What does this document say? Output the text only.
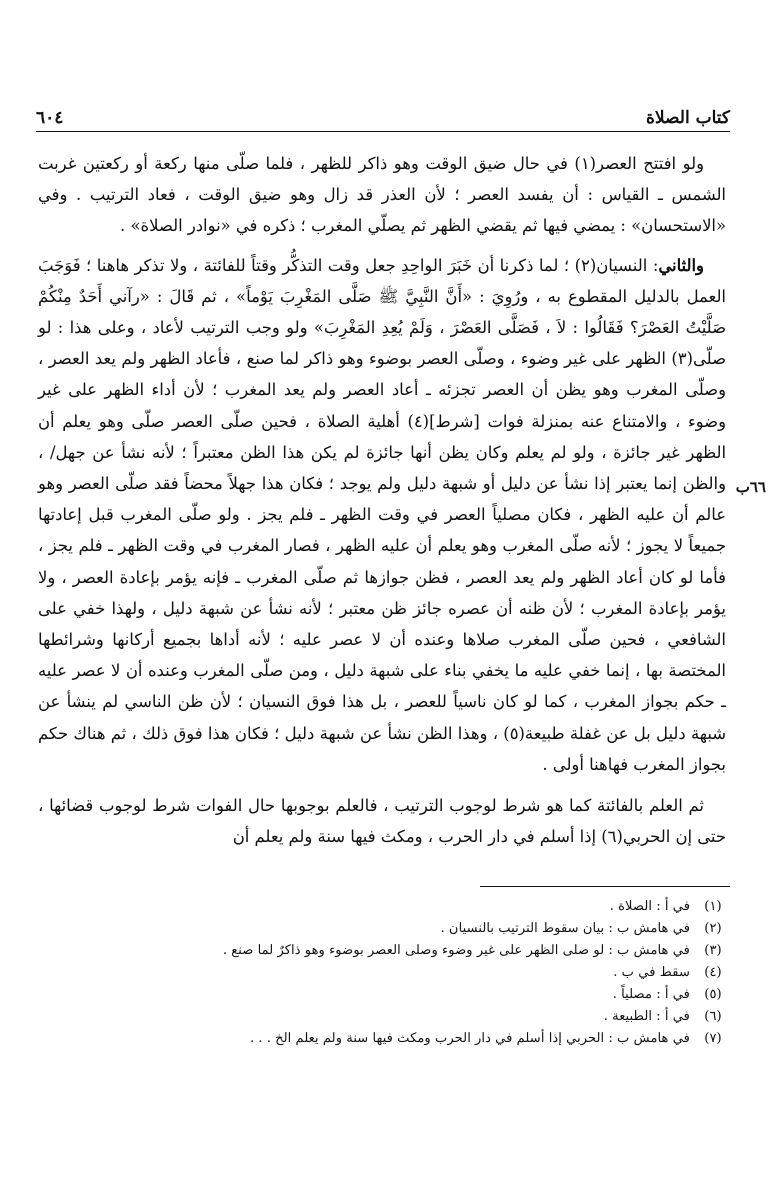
٦٠٤	كتاب الصلاة

ولو افتتح العصر(١) في حال ضيق الوقت وهو ذاكر للظهر ، فلما صلّى منها ركعة أو ركعتين غربت الشمس ـ القياس : أن يفسد العصر ؛ لأن العذر قد زال وهو ضيق الوقت ، فعاد الترتيب . وفي «الاستحسان» : يمضي فيها ثم يقضي الظهر ثم يصلّي المغرب ؛ ذكره في «نوادر الصلاة» .

والثاني: النسيان(٢) ؛ لما ذكرنا أن خَبَرَ الواحِدِ جعل وقت التذكُّر وقتاً للفائتة ، ولا تذكر هاهنا ؛ فَوَجَبَ العمل بالدليل المقطوع به ، ورُوِيَ : «أَنَّ النَّبِيَّ ﷺ صَلَّى المَغْرِبَ يَوْماً» ، ثم قَالَ : «رآني أَحَدٌ مِنْكُمْ صَلَّيْتُ العَصْرَ؟ فَقَالُوا : لاَ ، فَصَلَّى العَصْرَ ، وَلَمْ يُعِدِ المَغْرِبَ» ولو وجب الترتيب لأعاد ، وعلى هذا : لو صلّى(٣) الظهر على غير وضوء ، وصلّى العصر بوضوء وهو ذاكر لما صنع ، فأعاد الظهر ولم يعد العصر ، وصلّى المغرب وهو يظن أن العصر تجزئه ـ أعاد العصر ولم يعد المغرب ؛ لأن أداء الظهر على غير وضوء ، والامتناع عنه بمنزلة فوات [شرط](٤) أهلية الصلاة ، فحين صلّى العصر صلّى وهو يعلم أن الظهر غير جائزة ، ولو لم يعلم وكان يظن أنها جائزة لم يكن هذا الظن معتبراً ؛ لأنه نشأ عن جهل/ ، والظن إنما يعتبر إذا نشأ عن دليل أو شبهة دليل ولم يوجد ؛ فكان هذا جهلاً محضاً فقد صلّى العصر وهو عالم أن عليه الظهر ، فكان مصلياً العصر في وقت الظهر ـ فلم يجز . ولو صلّى المغرب قبل إعادتها جميعاً لا يجوز ؛ لأنه صلّى المغرب وهو يعلم أن عليه الظهر ، فصار المغرب في وقت الظهر ـ فلم يجز ، فأما لو كان أعاد الظهر ولم يعد العصر ، فظن جوازها ثم صلّى المغرب ـ فإنه يؤمر بإعادة العصر ، ولا يؤمر بإعادة المغرب ؛ لأن ظنه أن عصره جائز ظن معتبر ؛ لأنه نشأ عن شبهة دليل ، ولهذا خفي على الشافعي ، فحين صلّى المغرب صلاها وعنده أن لا عصر عليه ؛ لأنه أداها بجميع أركانها وشرائطها المختصة بها ، إنما خفي عليه ما يخفي بناء على شبهة دليل ، ومن صلّى المغرب وعنده أن لا عصر عليه ـ حكم بجواز المغرب ، كما لو كان ناسياً للعصر ، بل هذا فوق النسيان ؛ لأن ظن الناسي لم ينشأ عن شبهة دليل بل عن غفلة طبيعة(٥) ، وهذا الظن نشأ عن شبهة دليل ؛ فكان هذا فوق ذلك ، ثم هناك حكم بجواز المغرب فهاهنا أولى .

ثم العلم بالفائتة كما هو شرط لوجوب الترتيب ، فالعلم بوجوبها حال الفوات شرط لوجوب قضائها ، حتى إن الحربي(٦) إذا أسلم في دار الحرب ، ومكث فيها سنة ولم يعلم أن

٦٦ب
(١)
في أ : الصلاة .
(٢)
في هامش ب : بيان سقوط الترتيب بالنسيان .
(٣)
في هامش ب : لو صلى الظهر على غير وضوء وصلى العصر بوضوء وهو ذاكرٌ لما صنع .
(٤)
سقط في ب .
(٥)
في أ : مصلياً .
(٦)
في أ : الطبيعة .
(٧)
في هامش ب : الحربي إذا أسلم في دار الحرب ومكث فيها سنة ولم يعلم الخ . . .
